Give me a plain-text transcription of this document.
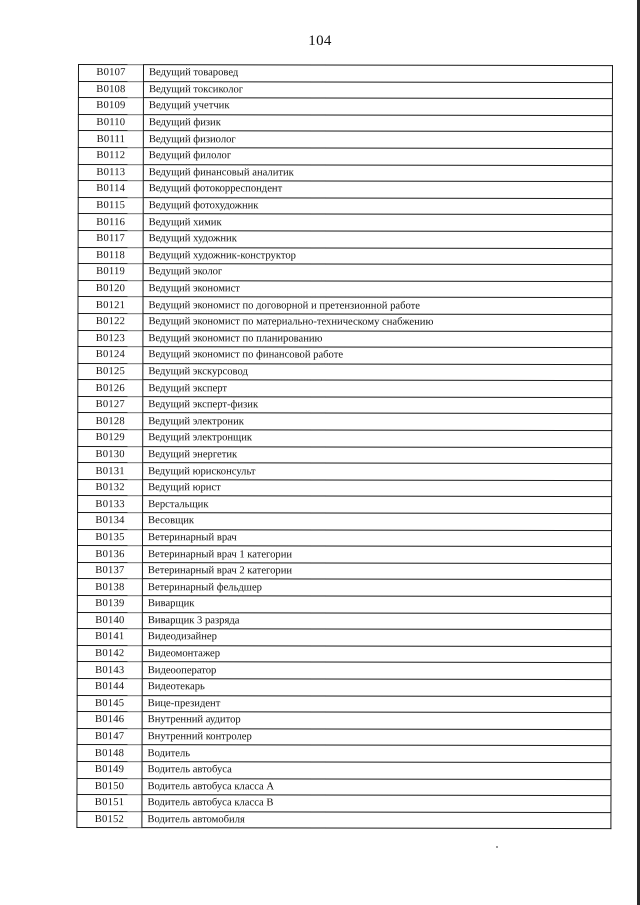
104
В0107	Ведущий товаровед
В0108	Ведущий токсиколог
В0109	Ведущий учетчик
В0110	Ведущий физик
В0111	Ведущий физиолог
В0112	Ведущий филолог
В0113	Ведущий финансовый аналитик
В0114	Ведущий фотокорреспондент
В0115	Ведущий фотохудожник
В0116	Ведущий химик
В0117	Ведущий художник
В0118	Ведущий художник-конструктор
В0119	Ведущий эколог
В0120	Ведущий экономист
В0121	Ведущий экономист по договорной и претензионной работе
В0122	Ведущий экономист по материально-техническому снабжению
В0123	Ведущий экономист по планированию
В0124	Ведущий экономист по финансовой работе
В0125	Ведущий экскурсовод
В0126	Ведущий эксперт
В0127	Ведущий эксперт-физик
В0128	Ведущий электроник
В0129	Ведущий электронщик
В0130	Ведущий энергетик
В0131	Ведущий юрисконсульт
В0132	Ведущий юрист
В0133	Верстальщик
В0134	Весовщик
В0135	Ветеринарный врач
В0136	Ветеринарный врач 1 категории
В0137	Ветеринарный врач 2 категории
В0138	Ветеринарный фельдшер
В0139	Виварщик
В0140	Виварщик 3 разряда
В0141	Видеодизайнер
В0142	Видеомонтажер
В0143	Видеооператор
В0144	Видеотекарь
В0145	Вице-президент
В0146	Внутренний аудитор
В0147	Внутренний контролер
В0148	Водитель
В0149	Водитель автобуса
В0150	Водитель автобуса класса А
В0151	Водитель автобуса класса В
В0152	Водитель автомобиля
